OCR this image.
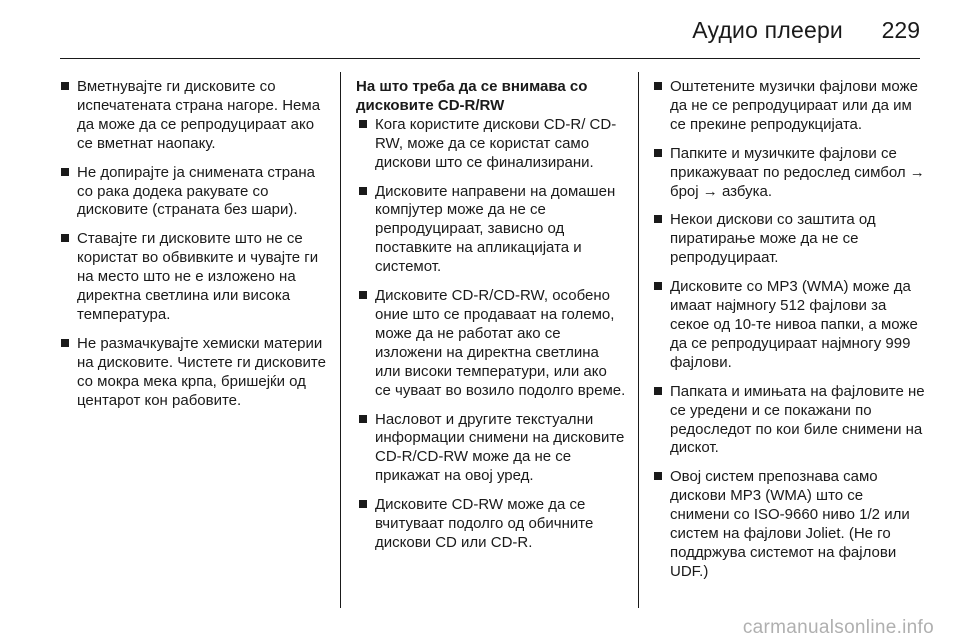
Аудио плеери 229
Вметнувајте ги дисковите со испечатената страна нагоре. Нема да може да се репродуцираат ако се вметнат наопаку.
Не допирајте ја снимената страна со рака додека ракувате со дисковите (страната без шари).
Ставајте ги дисковите што не се користат во обвивките и чувајте ги на место што не е изложено на директна светлина или висока температура.
Не размачкувајте хемиски материи на дисковите. Чистете ги дисковите со мокра мека крпа, бришејќи од центарот кон рабовите.
На што треба да се внимава со дисковите CD-R/RW
Кога користите дискови CD-R/ CD-RW, може да се користат само дискови што се финализирани.
Дисковите направени на домашен компјутер може да не се репродуцираат, зависно од поставките на апликацијата и системот.
Дисковите CD-R/CD-RW, особено оние што се продаваат на големо, може да не работат ако се изложени на директна светлина или високи температури, или ако се чуваат во возило подолго време.
Насловот и другите текстуални информации снимени на дисковите CD-R/CD-RW може да не се прикажат на овој уред.
Дисковите CD-RW може да се вчитуваат подолго од обичните дискови CD или CD-R.
Оштетените музички фајлови може да не се репродуцираат или да им се прекине репродукцијата.
Папките и музичките фајлови се прикажуваат по редослед симбол → број → азбука.
Некои дискови со заштита од пиратирање може да не се репродуцираат.
Дисковите со MP3 (WMA) може да имаат најмногу 512 фајлови за секое од 10-те нивоа папки, а може да се репродуцираат најмногу 999 фајлови.
Папката и имињата на фајловите не се уредени и се покажани по редоследот по кои биле снимени на дискот.
Овој систем препознава само дискови MP3 (WMA) што се снимени со ISO-9660 ниво 1/2 или систем на фајлови Joliet. (Не го поддржува системот на фајлови UDF.)
carmanualsonline.info
